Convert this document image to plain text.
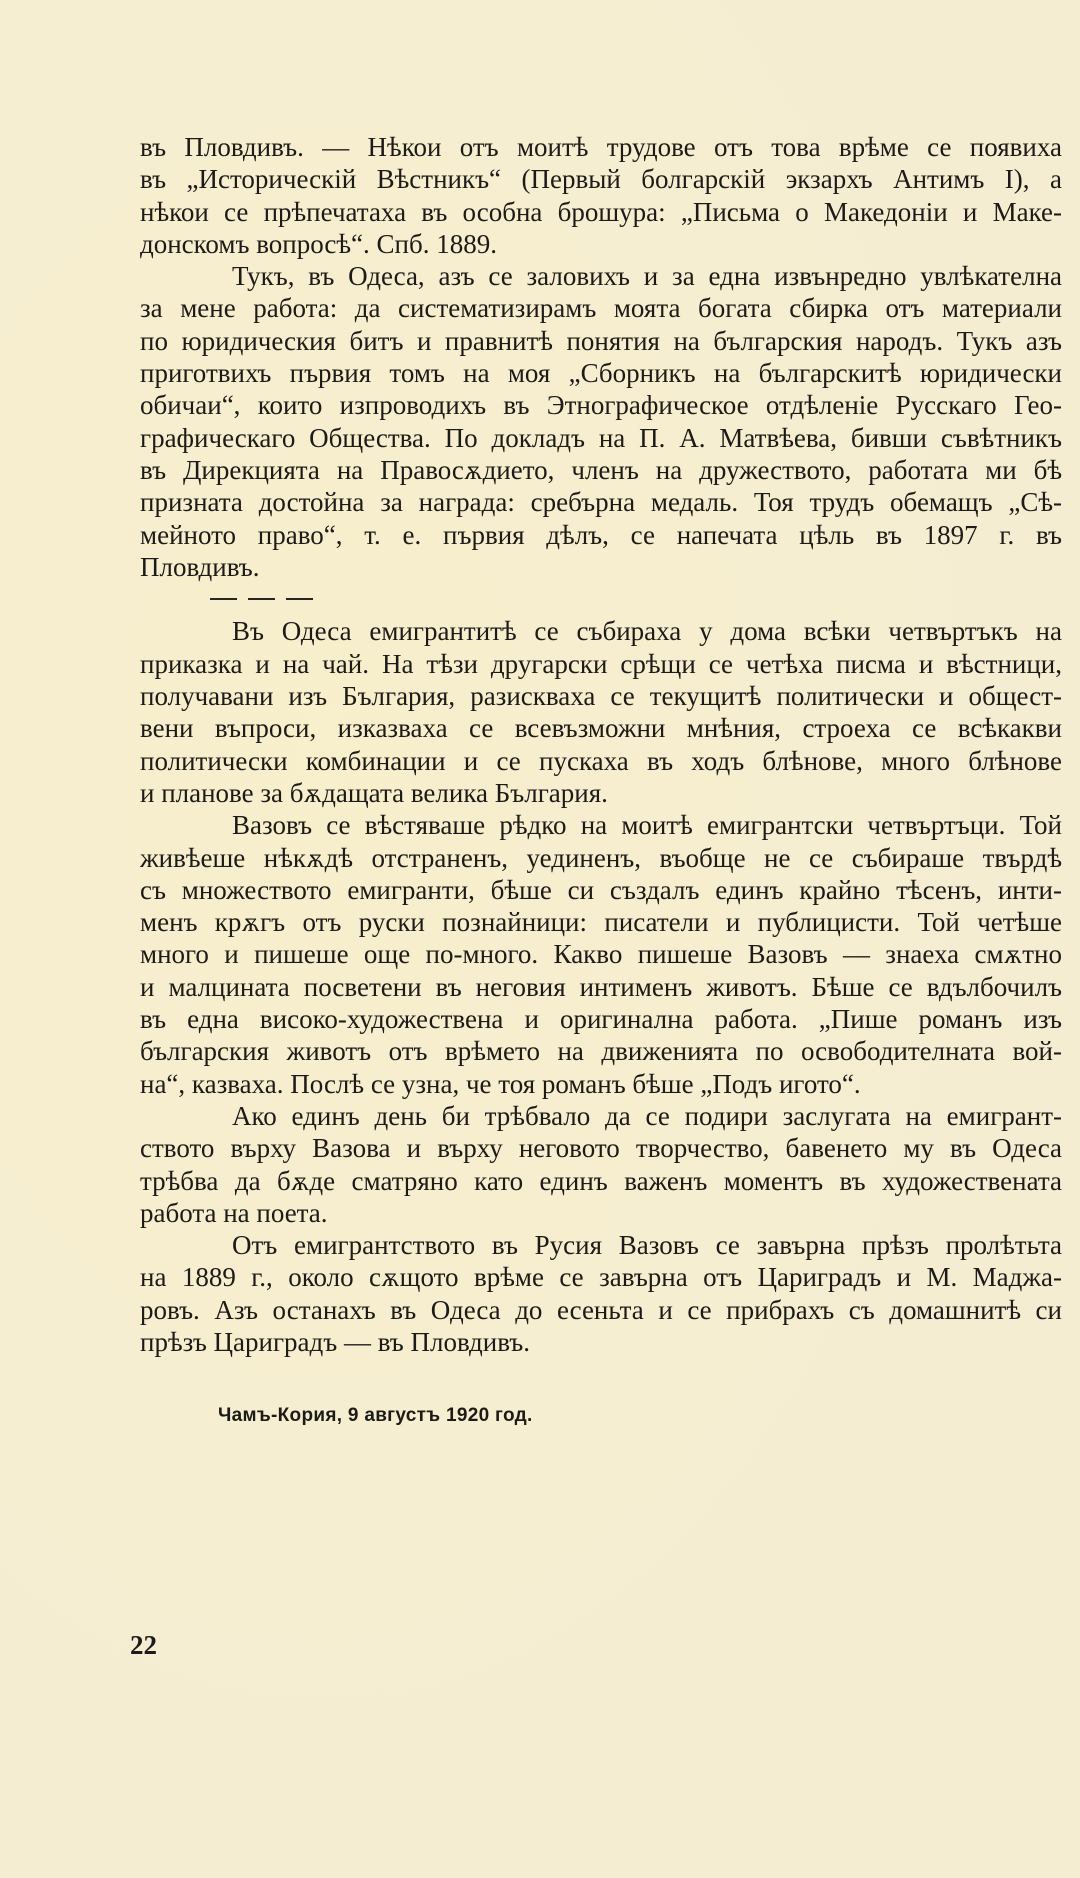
въ Пловдивъ. — Нѣкои отъ моитѣ трудове отъ това врѣме се появиха
въ „Историческій Вѣстникъ“ (Первый болгарскій экзархъ Антимъ I), а
нѣкои се прѣпечатаха въ особна брошура: „Письма о Македоніи и Маке-
донскомъ вопросѣ“. Спб. 1889.
Тукъ, въ Одеса, азъ се заловихъ и за една извънредно увлѣкателна
за мене работа: да систематизирамъ моята богата сбирка отъ материали
по юридическия битъ и правнитѣ понятия на българския народъ. Тукъ азъ
приготвихъ първия томъ на моя „Сборникъ на българскитѣ юридически
обичаи“, които изпроводихъ въ Этнографическое отдѣленіе Русскаго Гео-
графическаго Общества. По докладъ на П. А. Матвѣева, бивши съвѣтникъ
въ Дирекцията на Правосѫдието, членъ на дружеството, работата ми бѣ
призната достойна за награда: сребърна медаль. Тоя трудъ обемащъ „Сѣ-
мейното право“, т. е. първия дѣлъ, се напечата цѣль въ 1897 г. въ
Пловдивъ.
Въ Одеса емигрантитѣ се събираха у дома всѣки четвъртъкъ на
приказка и на чай. На тѣзи другарски срѣщи се четѣха писма и вѣстници,
получавани изъ България, разискваха се текущитѣ политически и общест-
вени въпроси, изказваха се всевъзможни мнѣния, строеха се всѣкакви
политически комбинации и се пускаха въ ходъ блѣнове, много блѣнове
и планове за бѫдащата велика България.
Вазовъ се вѣстяваше рѣдко на моитѣ емигрантски четвъртъци. Той
живѣеше нѣкѫдѣ отстраненъ, уединенъ, въобще не се събираше твърдѣ
съ множеството емигранти, бѣше си създалъ единъ крайно тѣсенъ, инти-
менъ крѫгъ отъ руски познайници: писатели и публицисти. Той четѣше
много и пишеше още по-много. Какво пишеше Вазовъ — знаеха смѫтно
и малцината посветени въ неговия интименъ животъ. Бѣше се вдълбочилъ
въ една високо-художествена и оригинална работа. „Пише романъ изъ
българския животъ отъ врѣмето на движенията по освободителната вой-
на“, казваха. Послѣ се узна, че тоя романъ бѣше „Подъ игото“.
Ако единъ день би трѣбвало да се подири заслугата на емигрант-
ството върху Вазова и върху неговото творчество, бавенето му въ Одеса
трѣбва да бѫде сматряно като единъ важенъ моментъ въ художествената
работа на поета.
Отъ емигрантството въ Русия Вазовъ се завърна прѣзъ пролѣтьта
на 1889 г., около сѫщото врѣме се завърна отъ Цариградъ и М. Маджа-
ровъ. Азъ останахъ въ Одеса до есеньта и се прибрахъ съ домашнитѣ си
прѣзъ Цариградъ — въ Пловдивъ.
Чамъ-Кория, 9 августъ 1920 год.
22
